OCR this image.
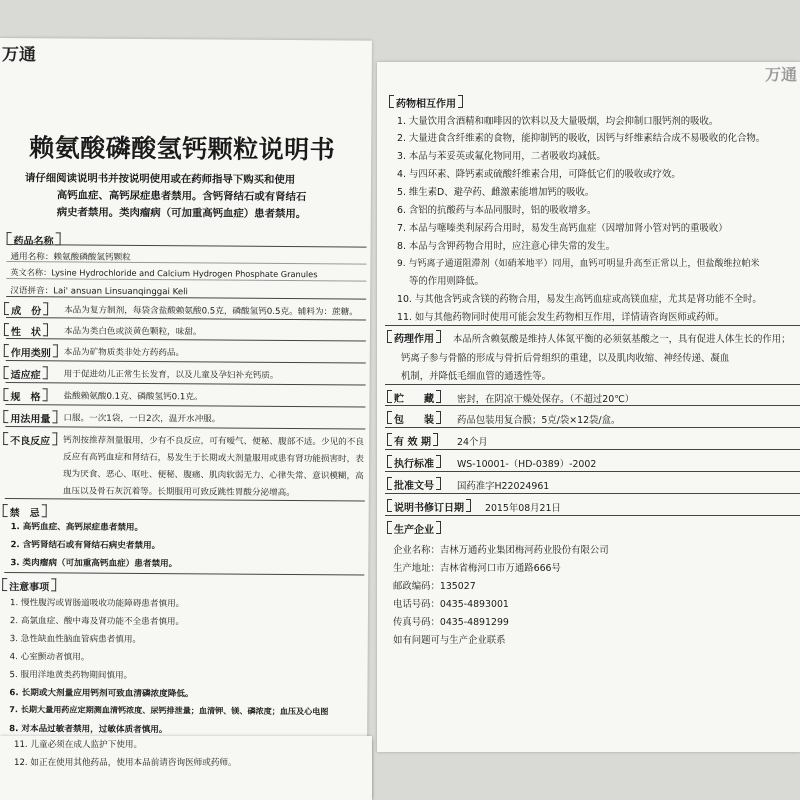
万通
赖氨酸磷酸氢钙颗粒说明书
请仔细阅读说明书并按说明使用或在药师指导下购买和使用
高钙血症、高钙尿症患者禁用。含钙肾结石或有肾结石
病史者禁用。类肉瘤病（可加重高钙血症）患者禁用。
药品名称
通用名称：赖氨酸磷酸氢钙颗粒
英文名称：Lysine Hydrochloride and Calcium Hydrogen Phosphate Granules
汉语拼音：Lai' ansuan Linsuanqinggai Keli
成　份	本品为复方制剂，每袋含盐酸赖氨酸0.5克，磷酸氢钙0.5克。辅料为：蔗糖。
性　状	本品为类白色或淡黄色颗粒，味甜。
作用类别	本品为矿物质类非处方药药品。
适应症	用于促进幼儿正常生长发育，以及儿童及孕妇补充钙质。
规　格	盐酸赖氨酸0.1克、磷酸氢钙0.1克。
用法用量	口服。一次1袋，一日2次，温开水冲服。
不良反应	钙剂按推荐剂量服用，少有不良反应，可有嗳气、便秘、腹部不适。少见的不良
反应有高钙血症和肾结石，易发生于长期或大剂量服用或患有肾功能损害时，表
现为厌食、恶心、呕吐、便秘、腹痛、肌肉软弱无力、心律失常、意识模糊，高
血压以及骨石灰沉着等。长期服用可致反跳性胃酸分泌增高。
禁　忌
1. 高钙血症、高钙尿症患者禁用。
2. 含钙肾结石或有肾结石病史者禁用。
3. 类肉瘤病（可加重高钙血症）患者禁用。
注意事项
1. 慢性腹泻或胃肠道吸收功能障碍患者慎用。
2. 高氯血症、酸中毒及肾功能不全患者慎用。
3. 急性缺血性脑血管病患者慎用。
4. 心室颤动者慎用。
5. 服用洋地黄类药物期间慎用。
6. 长期或大剂量应用钙剂可致血清磷浓度降低。
7. 长期大量用药应定期测血清钙浓度、尿钙排泄量；血清钾、镁、磷浓度；血压及心电图
8. 对本品过敏者禁用，过敏体质者慎用。
万通
药物相互作用
1. 大量饮用含酒精和咖啡因的饮料以及大量吸烟，均会抑制口服钙剂的吸收。
2. 大量进食含纤维素的食物，能抑制钙的吸收，因钙与纤维素结合成不易吸收的化合物。
3. 本品与苯妥英或氟化物同用，二者吸收均减低。
4. 与四环素、降钙素或硫酸纤维素合用，可降低它们的吸收或疗效。
5. 维生素D、避孕药、雌激素能增加钙的吸收。
6. 含铝的抗酸药与本品同服时，铝的吸收增多。
7. 本品与噻嗪类利尿药合用时，易发生高钙血症（因增加肾小管对钙的重吸收）
8. 本品与含钾药物合用时，应注意心律失常的发生。
9. 与钙离子通道阻滞剂（如硝苯地平）同用，血钙可明显升高至正常以上，但盐酸维拉帕米
等的作用则降低。
10. 与其他含钙或含镁的药物合用，易发生高钙血症或高镁血症，尤其是肾功能不全时。
11. 如与其他药物同时使用可能会发生药物相互作用，详情请咨询医师或药师。
药理作用	本品所含赖氨酸是维持人体氮平衡的必须氨基酸之一，具有促进人体生长的作用；
钙离子参与骨骼的形成与骨折后骨组织的重建，以及肌肉收缩、神经传递、凝血
机制，并降低毛细血管的通透性等。
贮　　藏	密封，在阴凉干燥处保存。（不超过20℃）
包　　装	药品包装用复合膜；5克/袋×12袋/盒。
有 效 期	24个月
执行标准	WS-10001-（HD-0389）-2002
批准文号	国药准字H22024961
说明书修订日期	2015年08月21日
生产企业
企业名称：吉林万通药业集团梅河药业股份有限公司
生产地址：吉林省梅河口市万通路666号
邮政编码：135027
电话号码：0435-4893001
传真号码：0435-4891299
如有问题可与生产企业联系
11. 儿童必须在成人监护下使用。
12. 如正在使用其他药品，使用本品前请咨询医师或药师。
